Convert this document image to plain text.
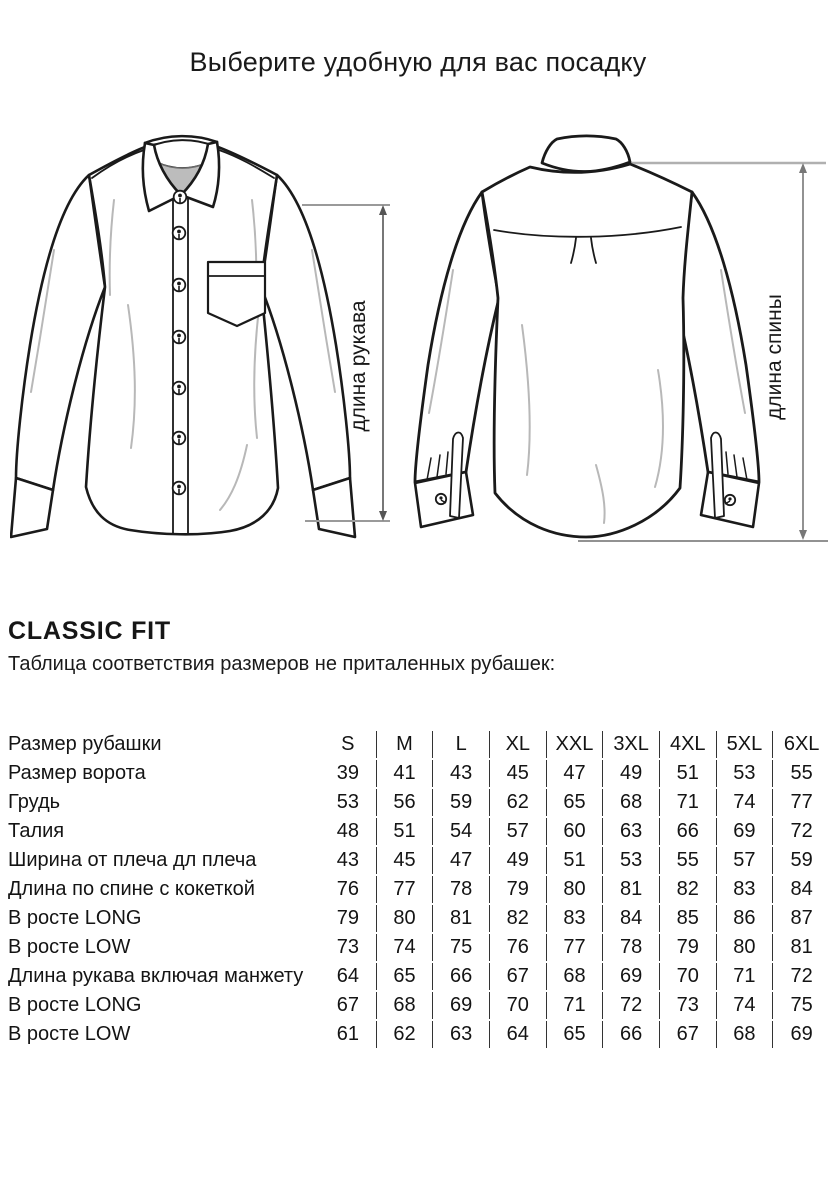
Выберите удобную для вас посадку
длина рукава	длина спины
CLASSIC FIT

Таблица соответствия размеров не приталенных рубашек:

Размер рубашки	S	M	L	XL	XXL	3XL	4XL	5XL	6XL
Размер ворота	39	41	43	45	47	49	51	53	55
Грудь	53	56	59	62	65	68	71	74	77
Талия	48	51	54	57	60	63	66	69	72
Ширина от плеча дл плеча	43	45	47	49	51	53	55	57	59
Длина по спине с кокеткой	76	77	78	79	80	81	82	83	84
В росте LONG	79	80	81	82	83	84	85	86	87
В росте LOW	73	74	75	76	77	78	79	80	81
Длина рукава включая манжету	64	65	66	67	68	69	70	71	72
В росте LONG	67	68	69	70	71	72	73	74	75
В росте LOW	61	62	63	64	65	66	67	68	69
